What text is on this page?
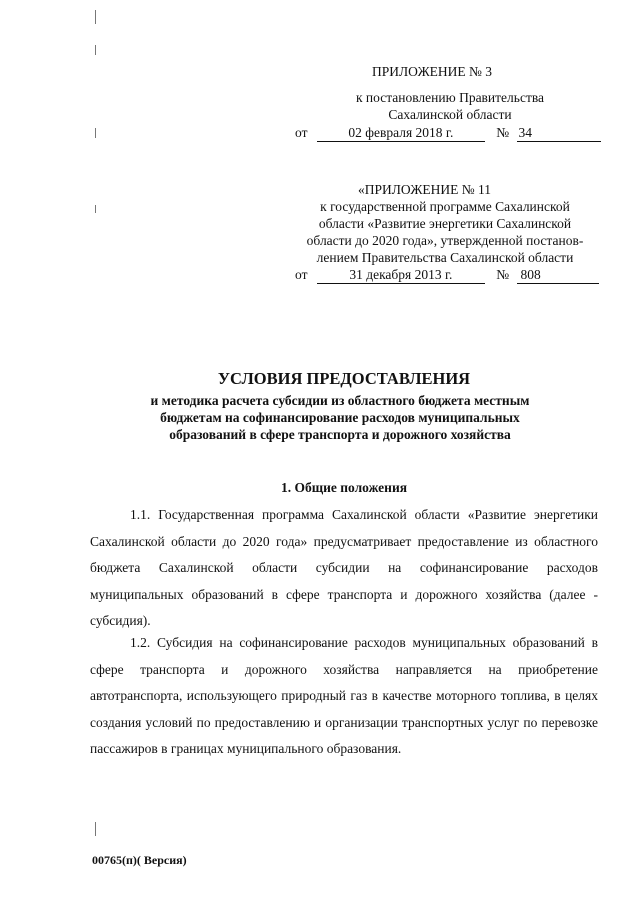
ПРИЛОЖЕНИЕ № 3
к постановлению Правительства
Сахалинской области
от	02 февраля 2018 г.	№ 34
«ПРИЛОЖЕНИЕ № 11
к государственной программе Сахалинской
области «Развитие энергетики Сахалинской
области до 2020 года», утвержденной постанов-
лением Правительства Сахалинской области
от	31 декабря 2013 г.	№ 808
УСЛОВИЯ ПРЕДОСТАВЛЕНИЯ
и методика расчета субсидии из областного бюджета местным
бюджетам на софинансирование расходов муниципальных
образований в сфере транспорта и дорожного хозяйства
1. Общие положения
1.1. Государственная программа Сахалинской области «Развитие энергетики Сахалинской области до 2020 года» предусматривает предоставление из областного бюджета Сахалинской области субсидии на софинансирование расходов муниципальных образований в сфере транспорта и дорожного хозяйства (далее - субсидия).
1.2. Субсидия на софинансирование расходов муниципальных образований в сфере транспорта и дорожного хозяйства направляется на приобретение автотранспорта, использующего природный газ в качестве моторного топлива, в целях создания условий по предоставлению и организации транспортных услуг по перевозке пассажиров в границах муниципального образования.
00765(п)( Версия)
